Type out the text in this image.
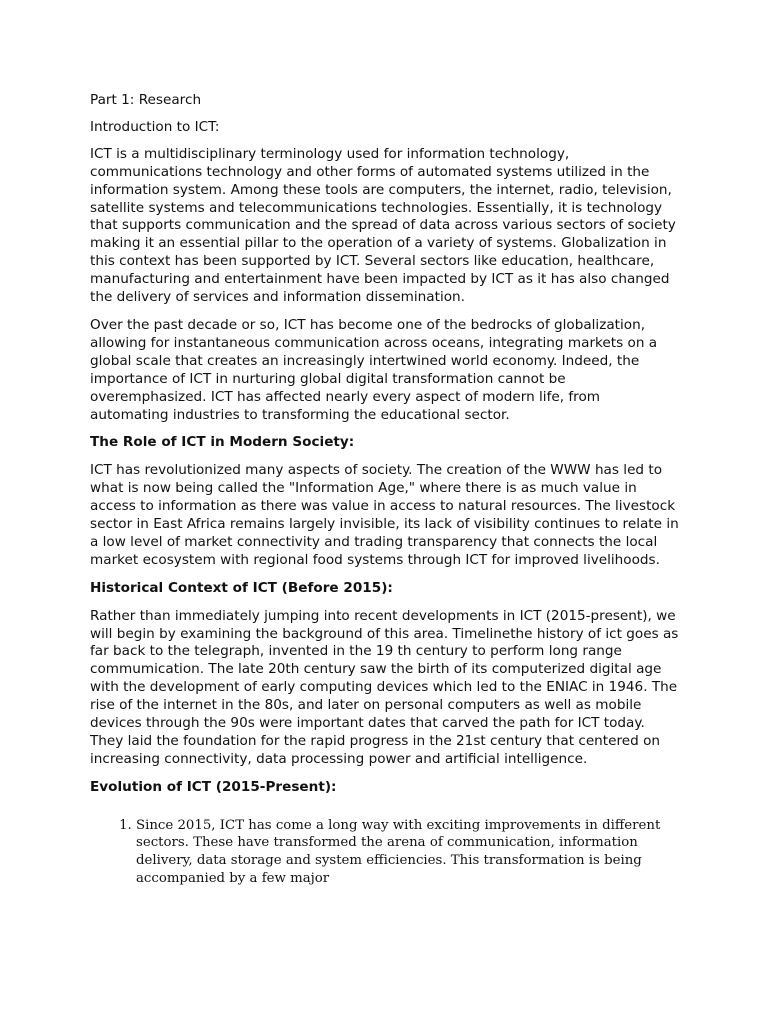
Part 1: Research

Introduction to ICT:

ICT is a multidisciplinary terminology used for information technology, communications technology and other forms of automated systems utilized in the information system. Among these tools are computers, the internet, radio, television, satellite systems and telecommunications technologies. Essentially, it is technology that supports communication and the spread of data across various sectors of society making it an essential pillar to the operation of a variety of systems. Globalization in this context has been supported by ICT. Several sectors like education, healthcare, manufacturing and entertainment have been impacted by ICT as it has also changed the delivery of services and information dissemination.

Over the past decade or so, ICT has become one of the bedrocks of globalization, allowing for instantaneous communication across oceans, integrating markets on a global scale that creates an increasingly intertwined world economy. Indeed, the importance of ICT in nurturing global digital transformation cannot be overemphasized. ICT has affected nearly every aspect of modern life, from automating industries to transforming the educational sector.

The Role of ICT in Modern Society:

ICT has revolutionized many aspects of society. The creation of the WWW has led to what is now being called the "Information Age," where there is as much value in access to information as there was value in access to natural resources. The livestock sector in East Africa remains largely invisible, its lack of visibility continues to relate in a low level of market connectivity and trading transparency that connects the local market ecosystem with regional food systems through ICT for improved livelihoods.

Historical Context of ICT (Before 2015):

Rather than immediately jumping into recent developments in ICT (2015-present), we will begin by examining the background of this area. Timelinethe history of ict goes as far back to the telegraph, invented in the 19 th century to perform long range commumication. The late 20th century saw the birth of its computerized digital age with the development of early computing devices which led to the ENIAC in 1946. The rise of the internet in the 80s, and later on personal computers as well as mobile devices through the 90s were important dates that carved the path for ICT today. They laid the foundation for the rapid progress in the 21st century that centered on increasing connectivity, data processing power and artificial intelligence.

Evolution of ICT (2015-Present):
1. Since 2015, ICT has come a long way with exciting improvements in different sectors. These have transformed the arena of communication, information delivery, data storage and system efficiencies. This transformation is being accompanied by a few major
